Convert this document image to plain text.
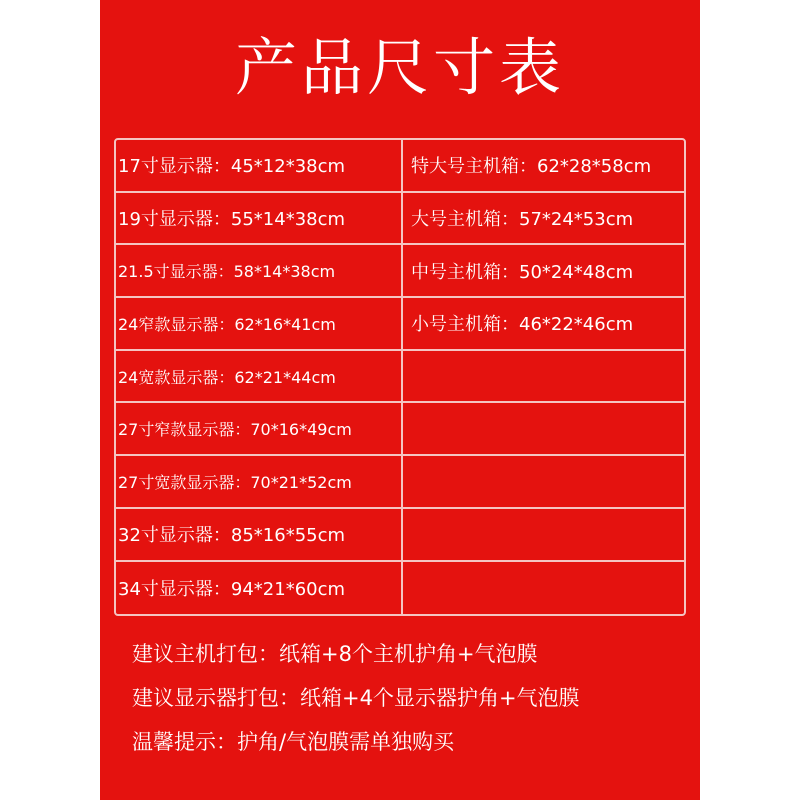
产品尺寸表
17寸显示器：45*12*38cm
19寸显示器：55*14*38cm
21.5寸显示器：58*14*38cm
24窄款显示器：62*16*41cm
24宽款显示器：62*21*44cm
27寸窄款显示器：70*16*49cm
27寸宽款显示器：70*21*52cm
32寸显示器：85*16*55cm
34寸显示器：94*21*60cm
特大号主机箱：62*28*58cm
大号主机箱：57*24*53cm
中号主机箱：50*24*48cm
小号主机箱：46*22*46cm
建议主机打包：纸箱+8个主机护角+气泡膜
建议显示器打包：纸箱+4个显示器护角+气泡膜
温馨提示：护角/气泡膜需单独购买
